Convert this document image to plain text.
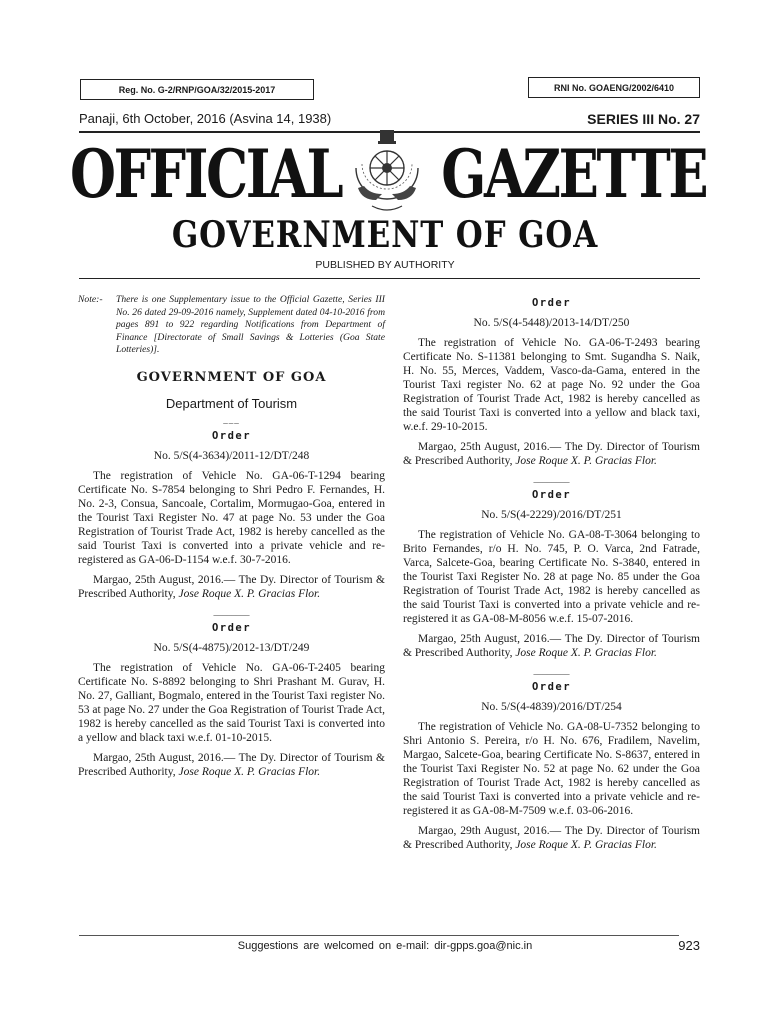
Reg. No. G-2/RNP/GOA/32/2015-2017	RNI No. GOAENG/2002/6410
Panaji, 6th October, 2016 (Asvina 14, 1938)	SERIES III No. 27
OFFICIAL GAZETTE
GOVERNMENT OF GOA
PUBLISHED BY AUTHORITY
Note:-	There is one Supplementary issue to the Official Gazette, Series III No. 26 dated 29-09-2016 namely, Supplement dated 04-10-2016 from pages 891 to 922 regarding Notifications from Department of Finance [Directorate of Small Savings & Lotteries (Goa State Lotteries)].
GOVERNMENT OF GOA
Department of Tourism
___
Order
No. 5/S(4-3634)/2011-12/DT/248

The registration of Vehicle No. GA-06-T-1294 bearing Certificate No. S-7854 belonging to Shri Pedro F. Fernandes, H. No. 2-3, Consua, Sancoale, Cortalim, Mormugao-Goa, entered in the Tourist Taxi Register No. 47 at page No. 53 under the Goa Registration of Tourist Trade Act, 1982 is hereby cancelled as the said Tourist Taxi is converted into a private vehicle and re-registered as GA-06-D-1154 w.e.f. 30-7-2016.

Margao, 25th August, 2016.— The Dy. Director of Tourism & Prescribed Authority, Jose Roque X. P. Gracias Flor.

________
Order
No. 5/S(4-4875)/2012-13/DT/249

The registration of Vehicle No. GA-06-T-2405 bearing Certificate No. S-8892 belonging to Shri Prashant M. Gurav, H. No. 27, Galliant, Bogmalo, entered in the Tourist Taxi register No. 53 at page No. 27 under the Goa Registration of Tourist Trade Act, 1982 is hereby cancelled as the said Tourist Taxi is converted into a yellow and black taxi w.e.f. 01-10-2015.

Margao, 25th August, 2016.— The Dy. Director of Tourism & Prescribed Authority, Jose Roque X. P. Gracias Flor.

Order
No. 5/S(4-5448)/2013-14/DT/250

The registration of Vehicle No. GA-06-T-2493 bearing Certificate No. S-11381 belonging to Smt. Sugandha S. Naik, H. No. 55, Merces, Vaddem, Vasco-da-Gama, entered in the Tourist Taxi register No. 62 at page No. 92 under the Goa Registration of Tourist Trade Act, 1982 is hereby cancelled as the said Tourist Taxi is converted into a yellow and black taxi, w.e.f. 29-10-2015.

Margao, 25th August, 2016.— The Dy. Director of Tourism & Prescribed Authority, Jose Roque X. P. Gracias Flor.

________
Order
No. 5/S(4-2229)/2016/DT/251

The registration of Vehicle No. GA-08-T-3064 belonging to Brito Fernandes, r/o H. No. 745, P. O. Varca, 2nd Fatrade, Varca, Salcete-Goa, bearing Certificate No. S-3840, entered in the Tourist Taxi Register No. 28 at page No. 85 under the Goa Registration of Tourist Trade Act, 1982 is hereby cancelled as the said Tourist Taxi is converted into a private vehicle and re-registered it as GA-08-M-8056 w.e.f. 15-07-2016.

Margao, 25th August, 2016.— The Dy. Director of Tourism & Prescribed Authority, Jose Roque X. P. Gracias Flor.

________
Order
No. 5/S(4-4839)/2016/DT/254

The registration of Vehicle No. GA-08-U-7352 belonging to Shri Antonio S. Pereira, r/o H. No. 676, Fradilem, Navelim, Margao, Salcete-Goa, bearing Certificate No. S-8637, entered in the Tourist Taxi Register No. 52 at page No. 62 under the Goa Registration of Tourist Trade Act, 1982 is hereby cancelled as the said Tourist Taxi is converted into a private vehicle and re-registered it as GA-08-M-7509 w.e.f. 03-06-2016.

Margao, 29th August, 2016.— The Dy. Director of Tourism & Prescribed Authority, Jose Roque X. P. Gracias Flor.

Suggestions are welcomed on e-mail: dir-gpps.goa@nic.in	923
